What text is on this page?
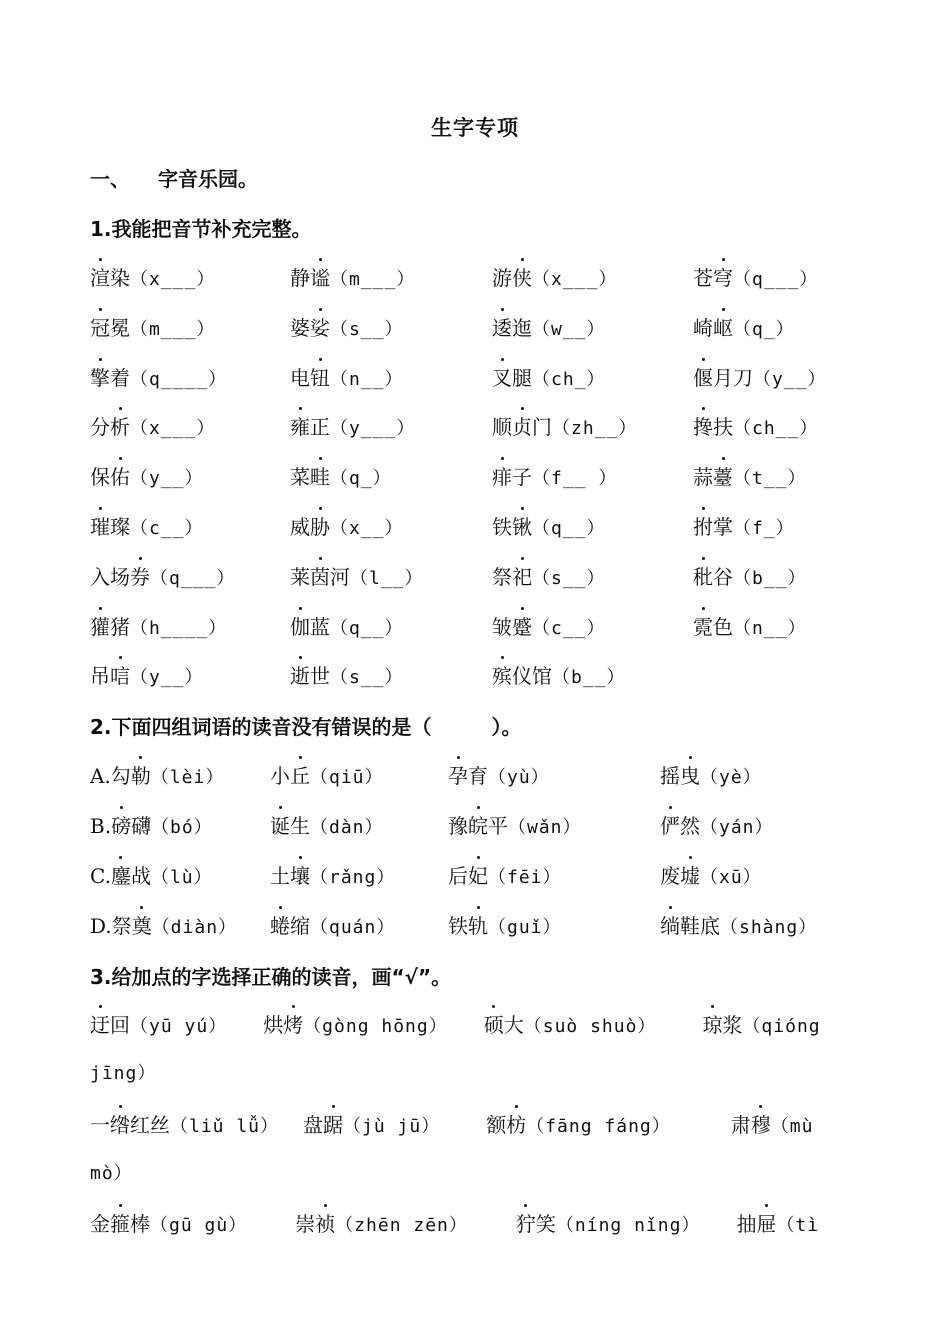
生字专项
一、 字音乐园。
1.我能把音节补充完整。
渲染（x___）	静谧（m___）	游侠（x___）	苍穹（q___）
冠冕（m___）	婆娑（s__）	逶迤（w__）	崎岖（q_）
擎着（q____）	电钮（n__）	叉腿（ch_）	偃月刀（y__）
分析（x___）	雍正（y___）	顺贞门（zh__）	搀扶（ch__）
保佑（y__）	菜畦（q_）	痱子（f__ ）	蒜薹（t__）
璀璨（c__）	威胁（x__）	铁锹（q__）	拊掌（f_）
入场券（q___）	莱茵河（l__）	祭祀（s__）	秕谷（b__）
獾猪（h____）	伽蓝（q__）	皱蹙（c__）	霓色（n__）
吊唁（y__）	逝世（s__）	殡仪馆（b__）
2.下面四组词语的读音没有错误的是（　　　）。
A.勾勒（lèi） 小丘（qiū）	孕育（yù）	摇曳（yè）
B.磅礴（bó）	诞生（dàn）	豫皖平（wǎn）	俨然（yán）
C.鏖战（lù）	土壤（rǎng）	后妃（fēi）	废墟（xū）
D.祭奠（diàn） 蜷缩（quán）	铁轨（guǐ）	绱鞋底（shàng）
3.给加点的字选择正确的读音，画“√”。
迂回（yū yú） 烘烤（gòng hōng） 硕大（suò shuò） 琼浆（qióng
jīng）
一绺红丝（liǔ lǚ） 盘踞（jù jū） 额枋（fāng fáng）	肃穆（mù
mò）
金箍棒（gū gù） 崇祯（zhēn zēn） 狞笑（níng nǐng） 抽屉（tì
